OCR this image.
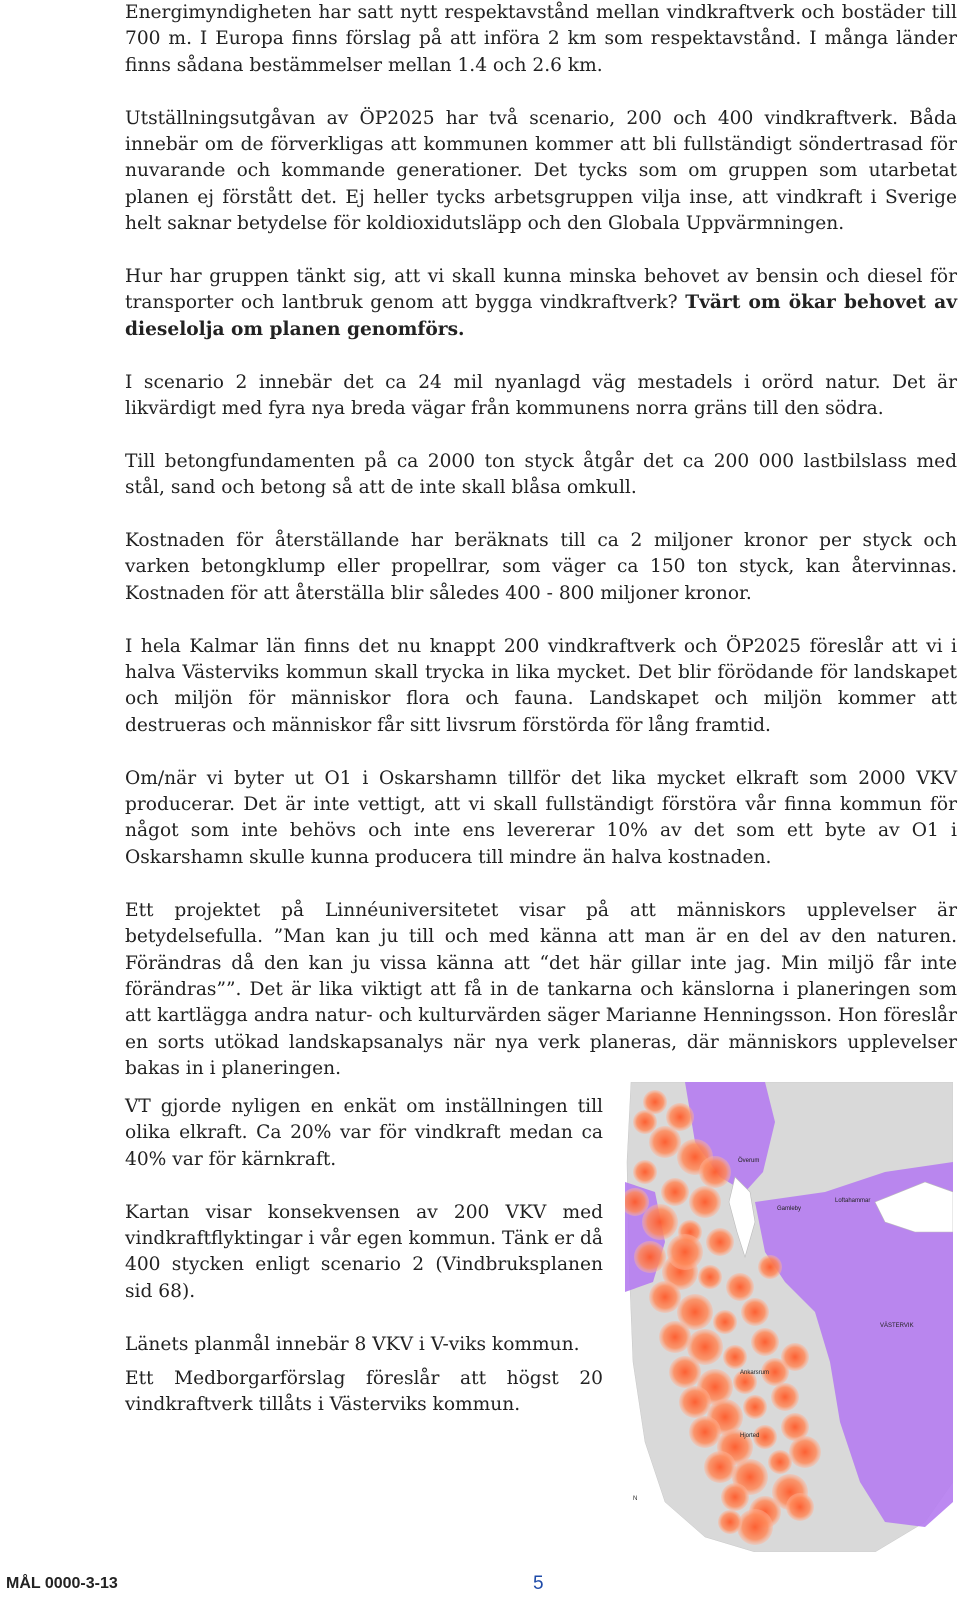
Energimyndigheten har satt nytt respektavstånd mellan vindkraftverk och bostäder till 700 m. I Europa finns förslag på att införa 2 km som respektavstånd. I många länder finns sådana bestämmelser mellan 1.4 och 2.6 km.

Utställningsutgåvan av ÖP2025 har två scenario, 200 och 400 vindkraftverk. Båda innebär om de förverkligas att kommunen kommer att bli fullständigt söndertrasad för nuvarande och kommande generationer. Det tycks som om gruppen som utarbetat planen ej förstått det. Ej heller tycks arbetsgruppen vilja inse, att vindkraft i Sverige helt saknar betydelse för koldioxidutsläpp och den Globala Uppvärmningen.

Hur har gruppen tänkt sig, att vi skall kunna minska behovet av bensin och diesel för transporter och lantbruk genom att bygga vindkraftverk? Tvärt om ökar behovet av dieselolja om planen genomförs.

I scenario 2 innebär det ca 24 mil nyanlagd väg mestadels i orörd natur. Det är likvärdigt med fyra nya breda vägar från kommunens norra gräns till den södra.

Till betongfundamenten på ca 2000 ton styck åtgår det ca 200 000 lastbilslass med stål, sand och betong så att de inte skall blåsa omkull.

Kostnaden för återställande har beräknats till ca 2 miljoner kronor per styck och varken betongklump eller propellrar, som väger ca 150 ton styck, kan återvinnas. Kostnaden för att återställa blir således 400 - 800 miljoner kronor.

I hela Kalmar län finns det nu knappt 200 vindkraftverk och ÖP2025 föreslår att vi i halva Västerviks kommun skall trycka in lika mycket. Det blir förödande för landskapet och miljön för människor flora och fauna. Landskapet och miljön kommer att destrueras och människor får sitt livsrum förstörda för lång framtid.

Om/när vi byter ut O1 i Oskarshamn tillför det lika mycket elkraft som 2000 VKV producerar. Det är inte vettigt, att vi skall fullständigt förstöra vår finna kommun för något som inte behövs och inte ens levererar 10% av det som ett byte av O1 i Oskarshamn skulle kunna producera till mindre än halva kostnaden.

Ett projektet på Linnéuniversitetet visar på att människors upplevelser är betydelsefulla. ”Man kan ju till och med känna att man är en del av den naturen. Förändras då den kan ju vissa känna att “det här gillar inte jag. Min miljö får inte förändras””. Det är lika viktigt att få in de tankarna och känslorna i planeringen som att kartlägga andra natur- och kulturvärden säger Marianne Henningsson. Hon föreslår en sorts utökad landskapsanalys när nya verk planeras, där människors upplevelser bakas in i planeringen.

VT gjorde nyligen en enkät om inställningen till olika elkraft. Ca 20% var för vindkraft medan ca 40% var för kärnkraft.

Kartan visar konsekvensen av 200 VKV med vindkraftflyktingar i vår egen kommun. Tänk er då 400 stycken enligt scenario 2 (Vindbruksplanen sid 68).

Länets planmål innebär 8 VKV i V-viks kommun.

Ett Medborgarförslag föreslår att högst 20 vindkraftverk tillåts i Västerviks kommun.

Överum
Gamleby
Loftahammar
VÄSTERVIK
Ankarsrum
Hjorted
N
MÅL 0000-3-13	5
